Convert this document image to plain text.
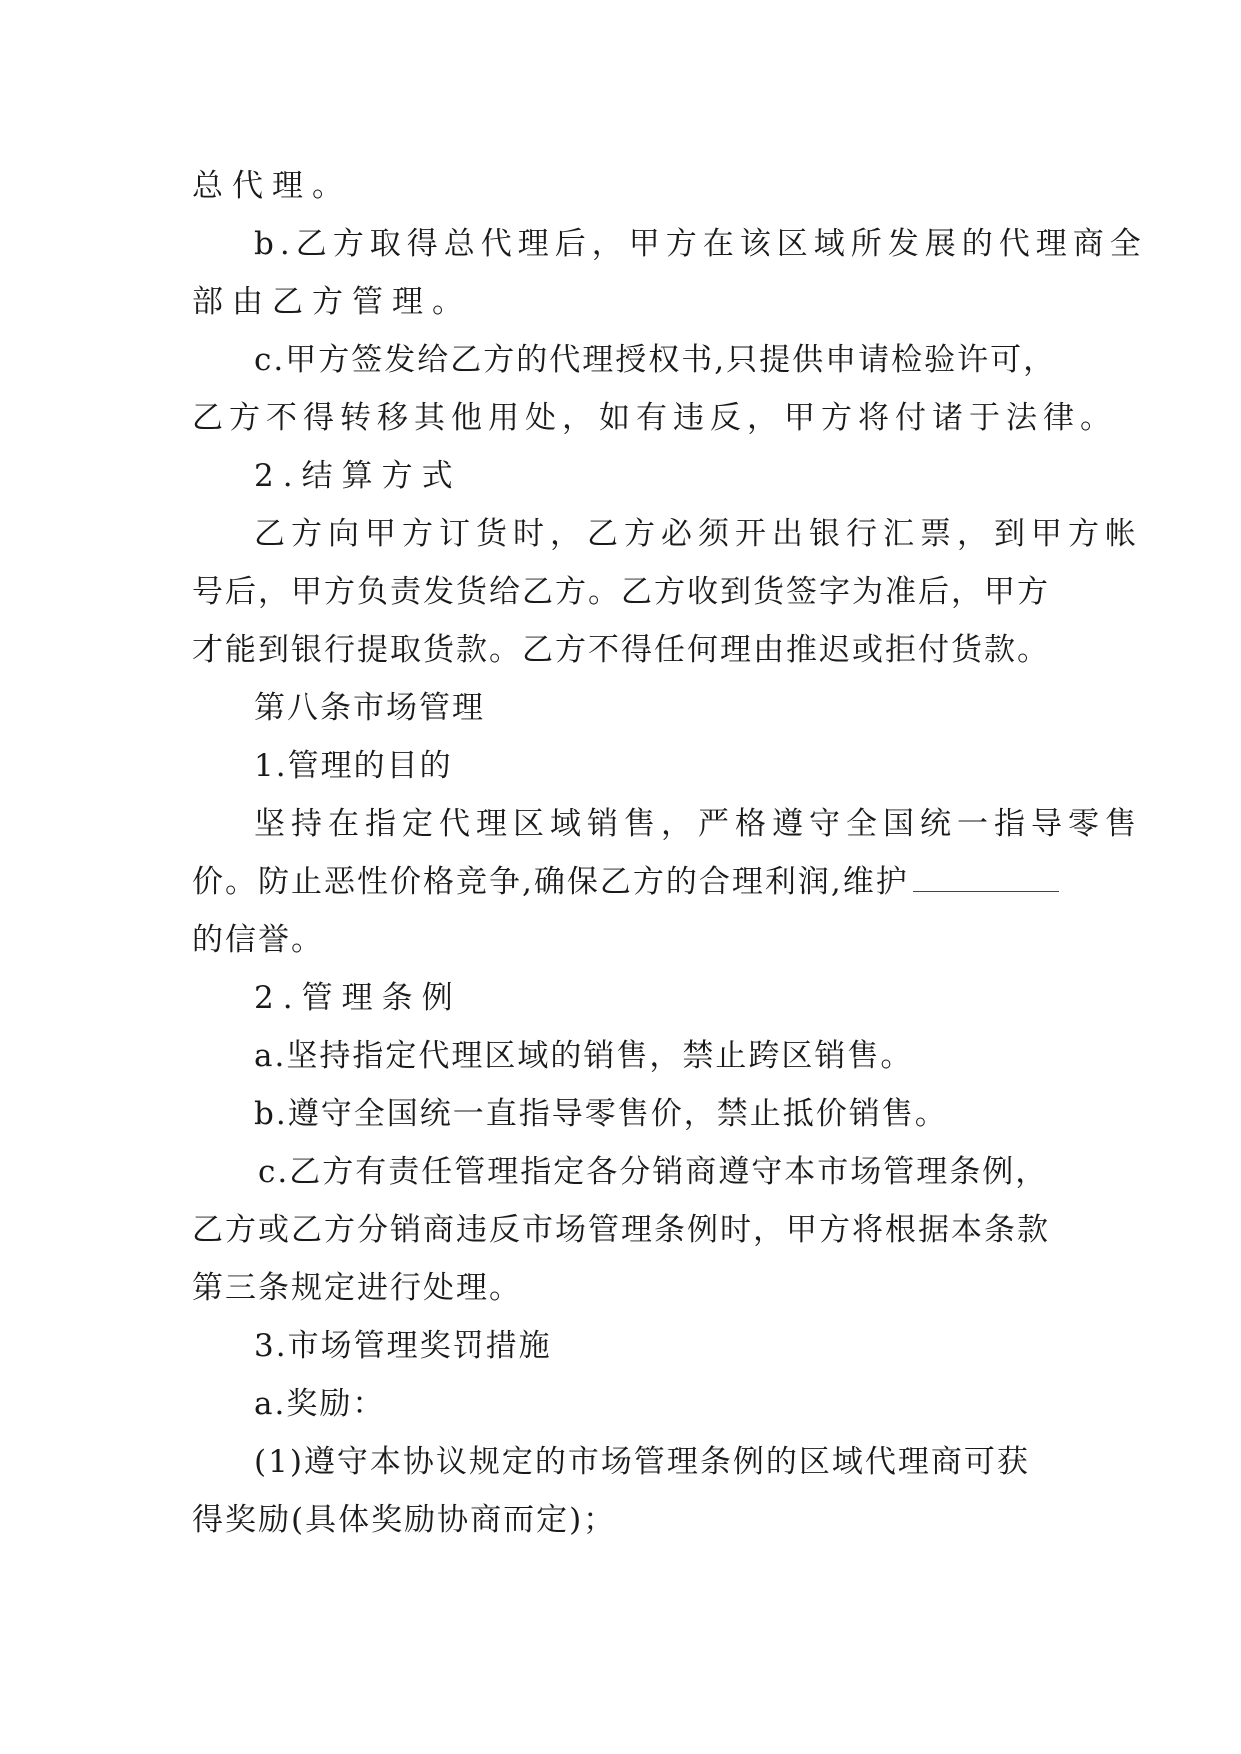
总代理。
b.乙方取得总代理后，甲方在该区域所发展的代理商全
部由乙方管理。
c.甲方签发给乙方的代理授权书,只提供申请检验许可，
乙方不得转移其他用处，如有违反，甲方将付诸于法律。
2.结算方式
乙方向甲方订货时，乙方必须开出银行汇票，到甲方帐
号后，甲方负责发货给乙方。乙方收到货签字为准后，甲方
才能到银行提取货款。乙方不得任何理由推迟或拒付货款。
第八条市场管理
1.管理的目的
坚持在指定代理区域销售，严格遵守全国统一指导零售
价。防止恶性价格竞争,确保乙方的合理利润,维护
的信誉。
2.管理条例
a.坚持指定代理区域的销售，禁止跨区销售。
b.遵守全国统一直指导零售价，禁止抵价销售。
c.乙方有责任管理指定各分销商遵守本市场管理条例，
乙方或乙方分销商违反市场管理条例时，甲方将根据本条款
第三条规定进行处理。
3.市场管理奖罚措施
a.奖励：
(1)遵守本协议规定的市场管理条例的区域代理商可获
得奖励(具体奖励协商而定)；
